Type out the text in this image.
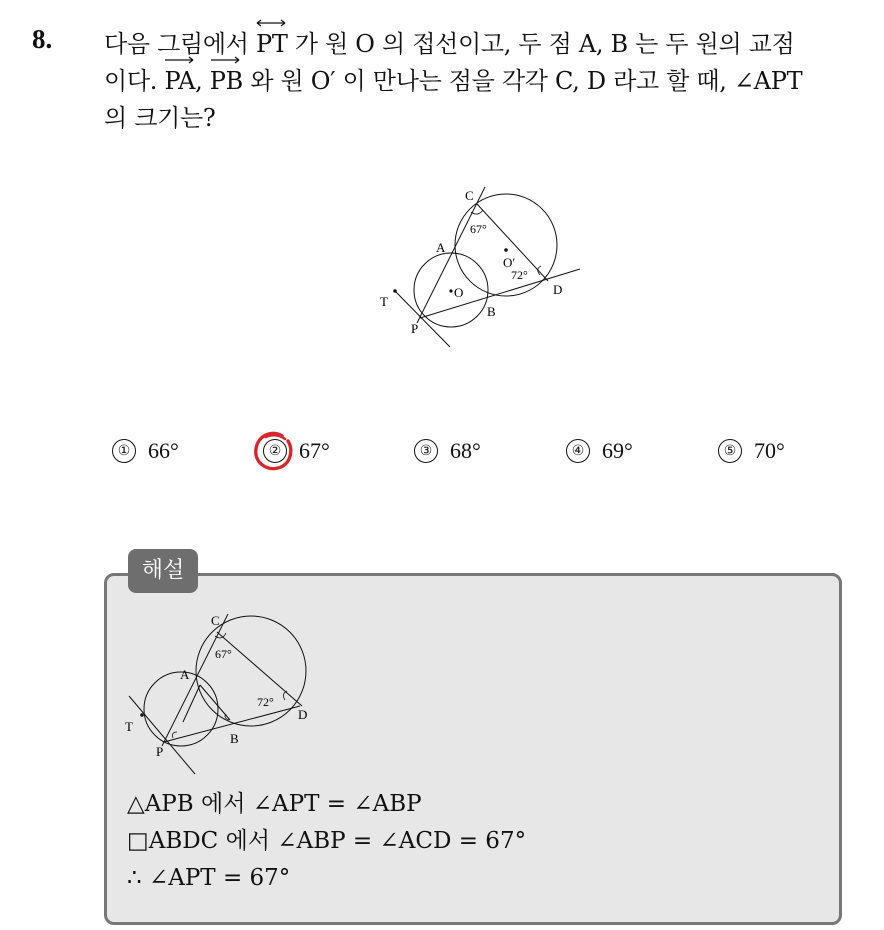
8. 다음 그림에서
PT 가 원 O 의 접선이고, 두 점 A, B 는 두 원의 교점
이다.
PA,
PB 와 원 O′ 이 만나는 점을 각각 C, D 라고 할 때, ∠APT
의 크기는?
C
67°
A
O
O′
72°
T
P
B
D
① 66°	② 67°	③ 68°	④ 69°	⑤ 70°
해설
C
67°
A
72°
D
T
P
B
△APB 에서 ∠APT = ∠ABP
□ABDC 에서 ∠ABP = ∠ACD = 67°
∴ ∠APT = 67°
